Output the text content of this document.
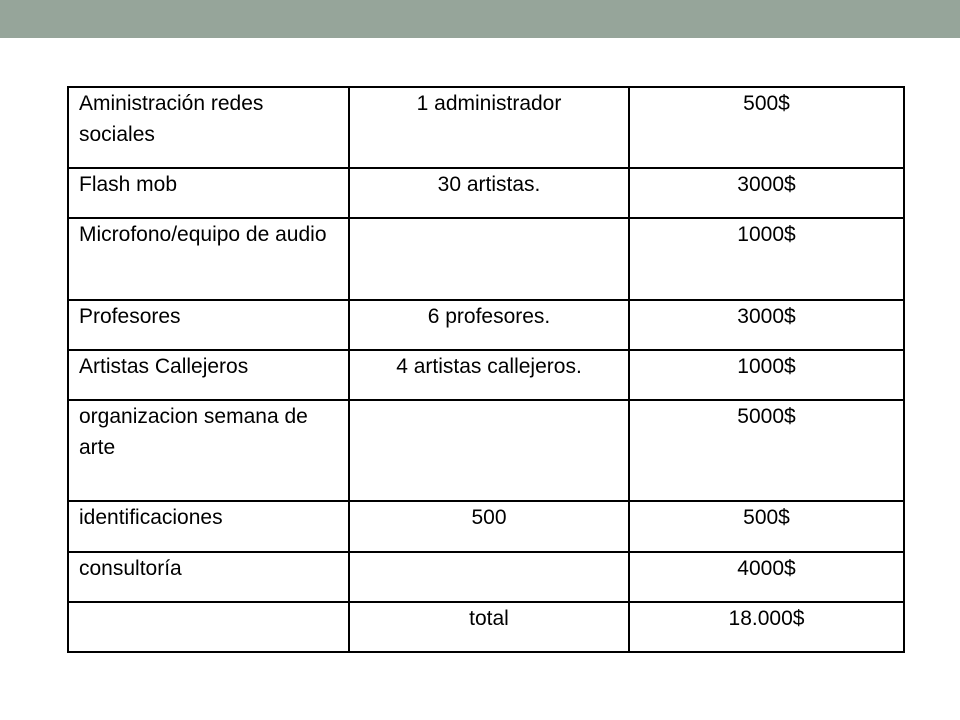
Aministración redes sociales	1 administrador	500$

Flash mob	30 artistas.	3000$

Microfono/equipo de audio		1000$

Profesores	6 profesores.	3000$

Artistas Callejeros	4 artistas callejeros.	1000$

organizacion semana de arte		5000$

identificaciones	500	500$

consultoría		4000$

	total	18.000$
